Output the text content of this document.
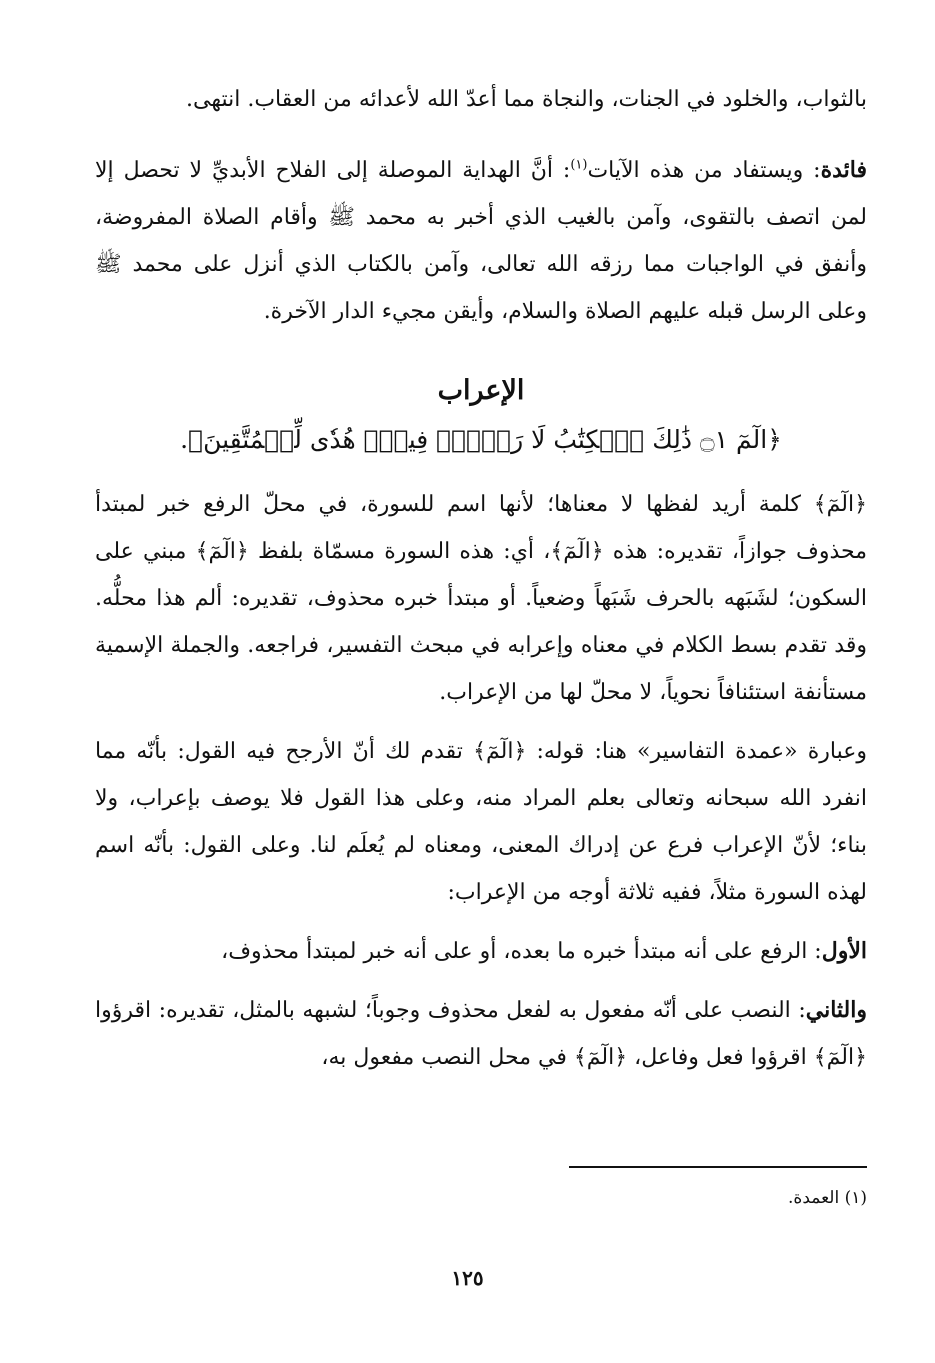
بالثواب، والخلود في الجنات، والنجاة مما أعدّ الله لأعدائه من العقاب. انتهى.

فائدة: ويستفاد من هذه الآيات$^{(١)}$: أنَّ الهداية الموصلة إلى الفلاح الأبديِّ لا تحصل إلا لمن اتصف بالتقوى، وآمن بالغيب الذي أخبر به محمد ﷺ وأقام الصلاة المفروضة، وأنفق في الواجبات مما رزقه الله تعالى، وآمن بالكتاب الذي أنزل على محمد ﷺ وعلى الرسل قبله عليهم الصلاة والسلام، وأيقن مجيء الدار الآخرة.

الإعراب
﴿الٓمٓ ۝١ ذَٰلِكَ ٱلۡكِتَٰبُ لَا رَيۡبَۛ فِيهِۛ هُدٗى لِّلۡمُتَّقِينَ﴾.

﴿الٓمٓ﴾ كلمة أريد لفظها لا معناها؛ لأنها اسم للسورة، في محلّ الرفع خبر لمبتدأ محذوف جوازاً، تقديره: هذه ﴿الٓمٓ﴾، أي: هذه السورة مسمّاة بلفظ ﴿الٓمٓ﴾ مبني على السكون؛ لشَبَهه بالحرف شَبَهاً وضعياً. أو مبتدأ خبره محذوف، تقديره: ألم هذا محلُّه. وقد تقدم بسط الكلام في معناه وإعرابه في مبحث التفسير، فراجعه. والجملة الإسمية مستأنفة استئنافاً نحوياً، لا محلّ لها من الإعراب.

وعبارة «عمدة التفاسير» هنا: قوله: ﴿الٓمٓ﴾ تقدم لك أنّ الأرجح فيه القول: بأنّه مما انفرد الله سبحانه وتعالى بعلم المراد منه، وعلى هذا القول فلا يوصف بإعراب، ولا بناء؛ لأنّ الإعراب فرع عن إدراك المعنى، ومعناه لم يُعلَم لنا. وعلى القول: بأنّه اسم لهذه السورة مثلاً، ففيه ثلاثة أوجه من الإعراب:

الأول: الرفع على أنه مبتدأ خبره ما بعده، أو على أنه خبر لمبتدأ محذوف،

والثاني: النصب على أنّه مفعول به لفعل محذوف وجوباً؛ لشبهه بالمثل، تقديره: اقرؤوا ﴿الٓمٓ﴾ اقرؤوا فعل وفاعل، ﴿الٓمٓ﴾ في محل النصب مفعول به،

(١) العمدة.
١٢٥
